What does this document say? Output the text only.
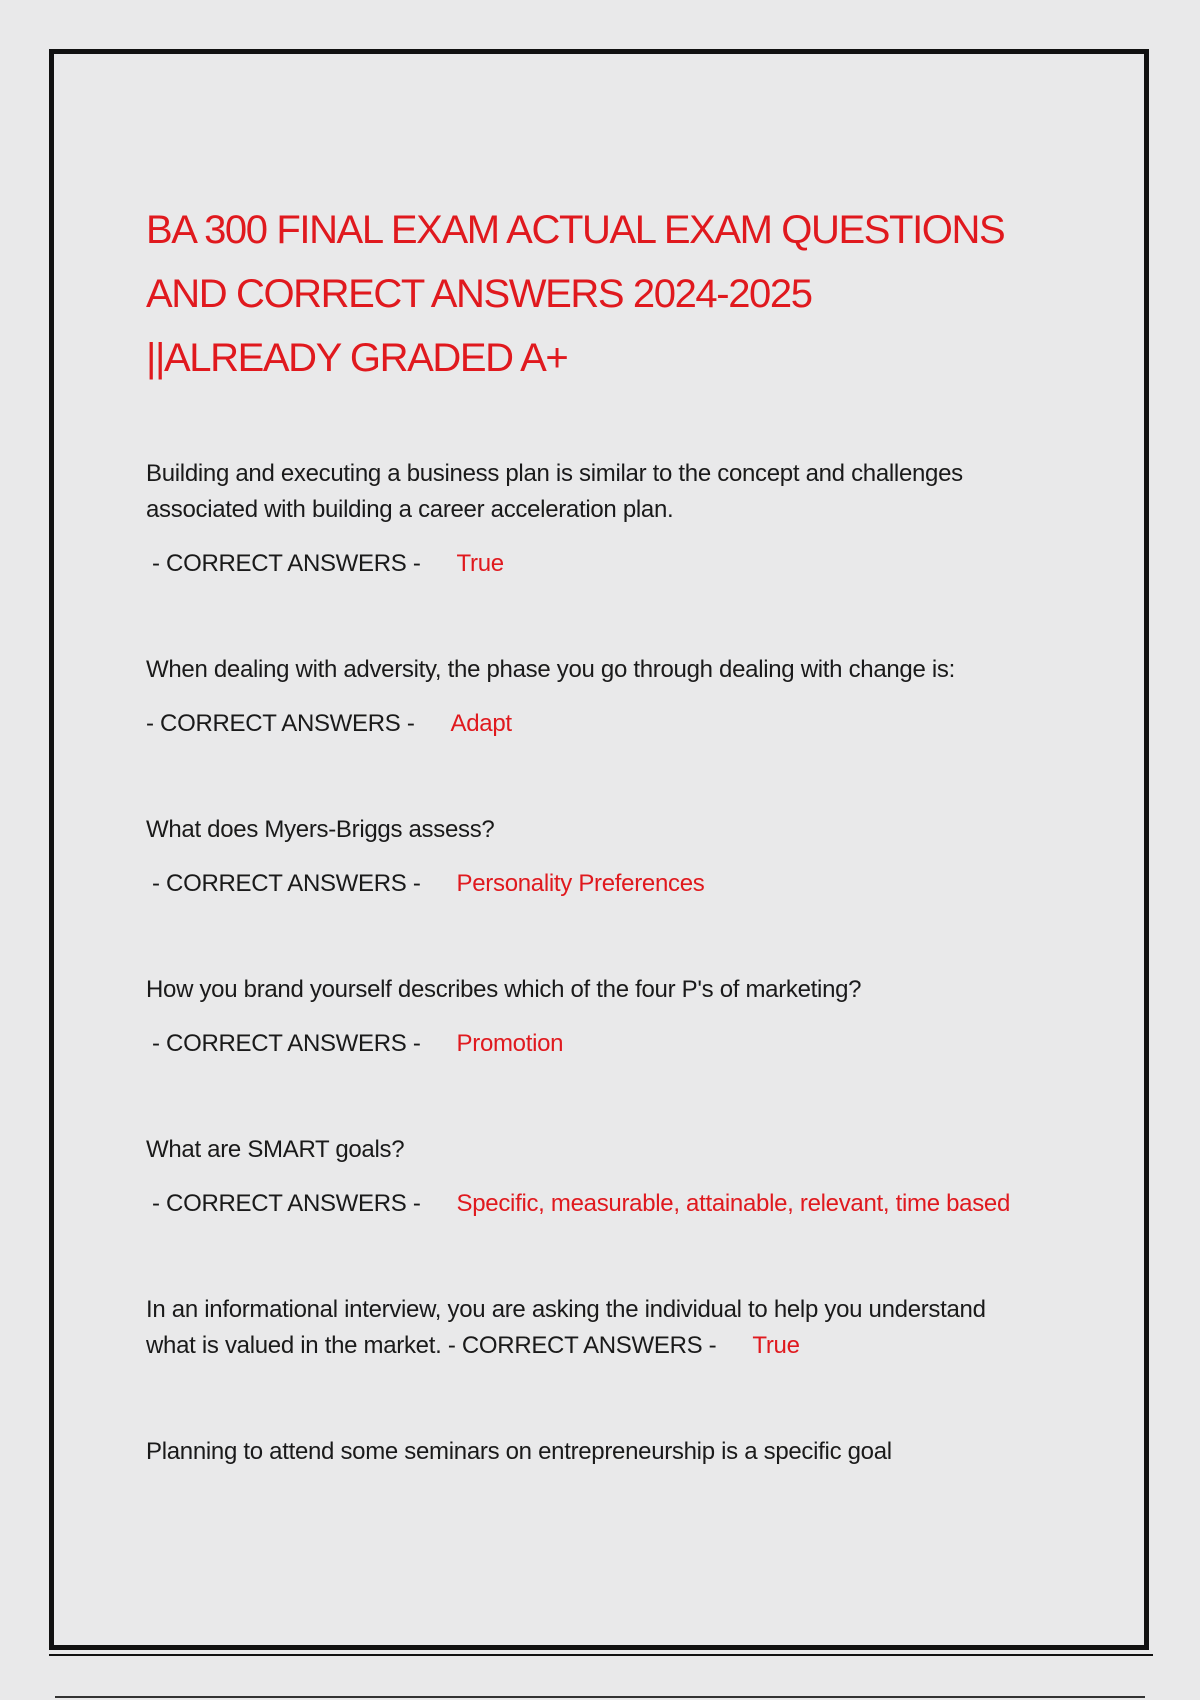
BA 300 FINAL EXAM ACTUAL EXAM QUESTIONS
AND CORRECT ANSWERS 2024-2025
||ALREADY GRADED A+

Building and executing a business plan is similar to the concept and challenges associated with building a career acceleration plan.

- CORRECT ANSWERS - True

When dealing with adversity, the phase you go through dealing with change is:

- CORRECT ANSWERS - Adapt

What does Myers-Briggs assess?

- CORRECT ANSWERS - Personality Preferences

How you brand yourself describes which of the four P's of marketing?

- CORRECT ANSWERS - Promotion

What are SMART goals?

- CORRECT ANSWERS - Specific, measurable, attainable, relevant, time based

In an informational interview, you are asking the individual to help you understand what is valued in the market. - CORRECT ANSWERS - True

Planning to attend some seminars on entrepreneurship is a specific goal
